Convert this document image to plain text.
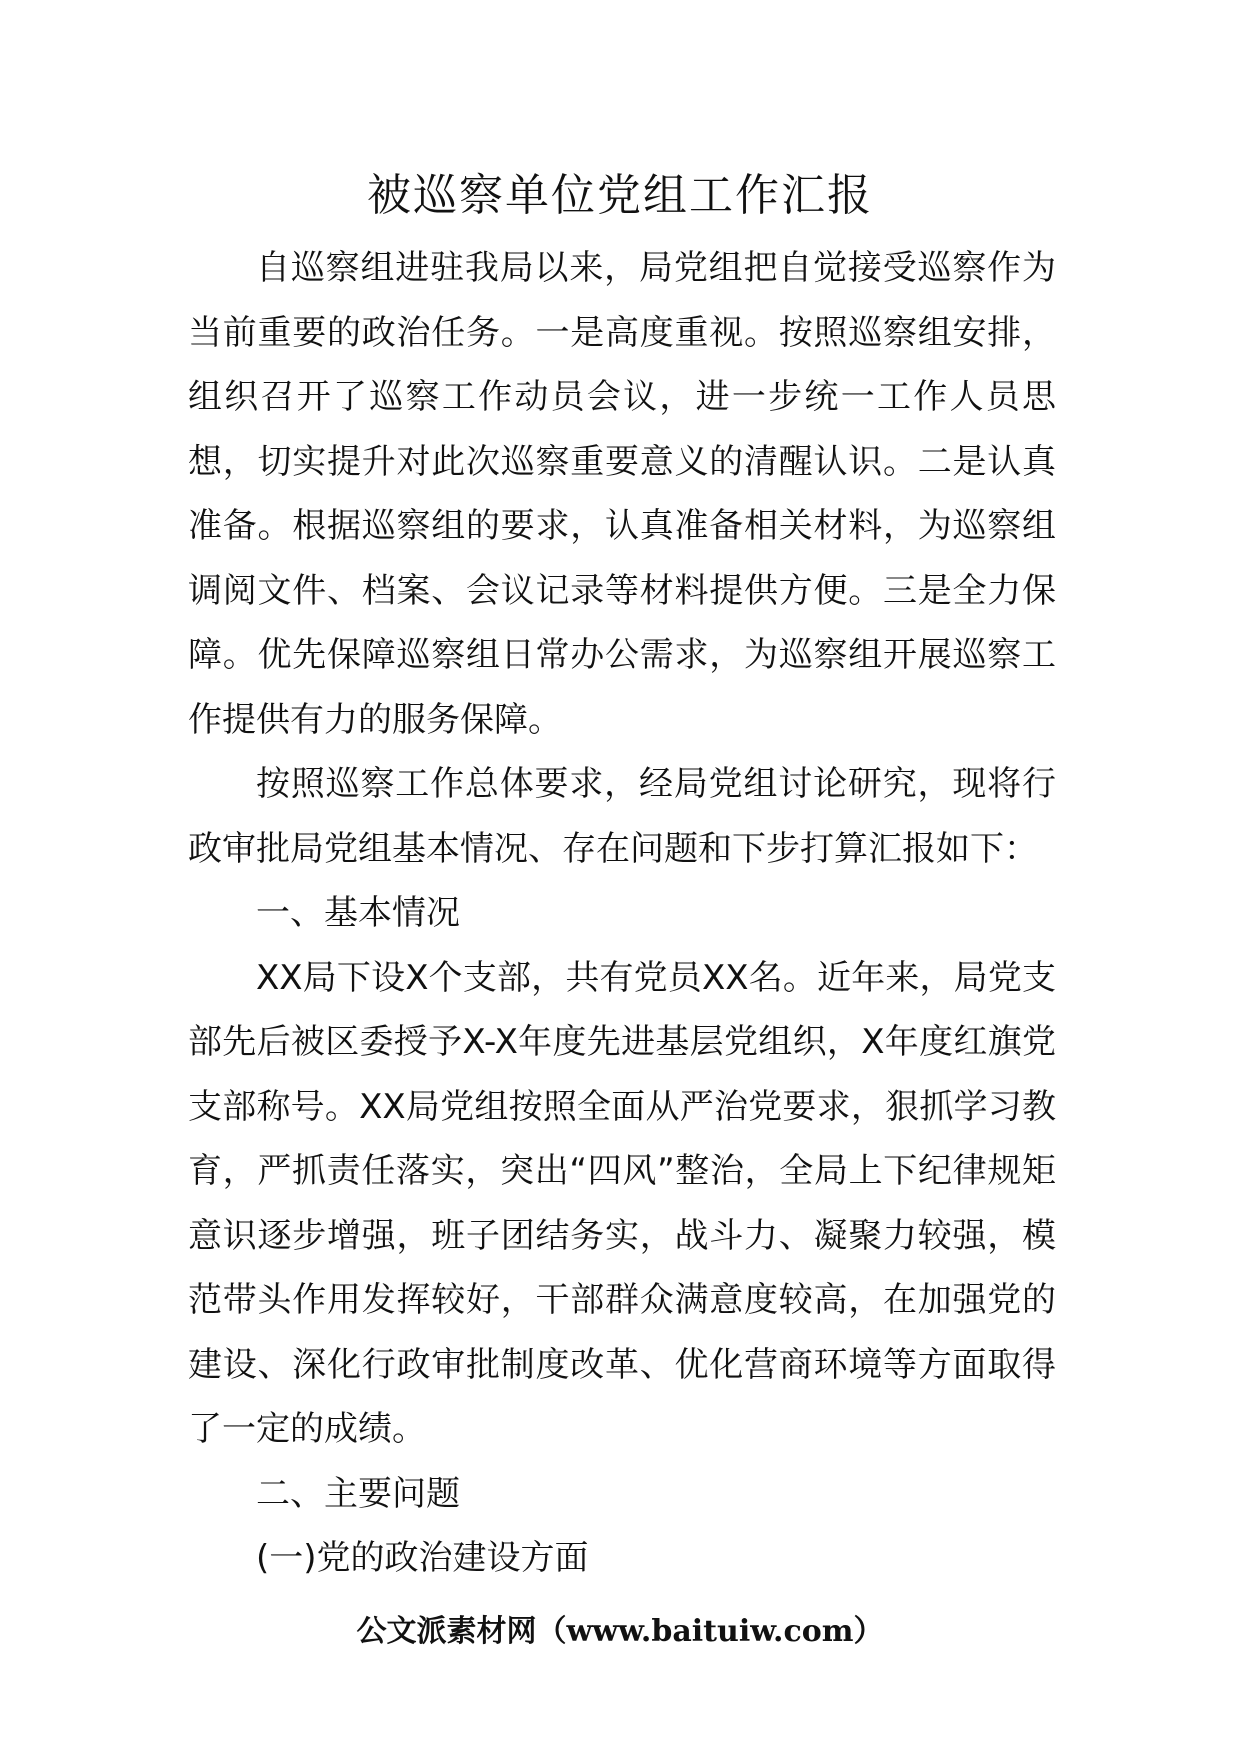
被巡察单位党组工作汇报

自巡察组进驻我局以来，局党组把自觉接受巡察作为当前重要的政治任务。一是高度重视。按照巡察组安排，组织召开了巡察工作动员会议，进一步统一工作人员思想，切实提升对此次巡察重要意义的清醒认识。二是认真准备。根据巡察组的要求，认真准备相关材料，为巡察组调阅文件、档案、会议记录等材料提供方便。三是全力保障。优先保障巡察组日常办公需求，为巡察组开展巡察工作提供有力的服务保障。

按照巡察工作总体要求，经局党组讨论研究，现将行政审批局党组基本情况、存在问题和下步打算汇报如下：

一、基本情况

XX局下设X个支部，共有党员XX名。近年来，局党支部先后被区委授予X-X年度先进基层党组织，X年度红旗党支部称号。XX局党组按照全面从严治党要求，狠抓学习教育，严抓责任落实，突出“四风”整治，全局上下纪律规矩意识逐步增强，班子团结务实，战斗力、凝聚力较强，模范带头作用发挥较好，干部群众满意度较高，在加强党的建设、深化行政审批制度改革、优化营商环境等方面取得了一定的成绩。

二、主要问题

(一)党的政治建设方面

公文派素材网（www.baituiw.com）
